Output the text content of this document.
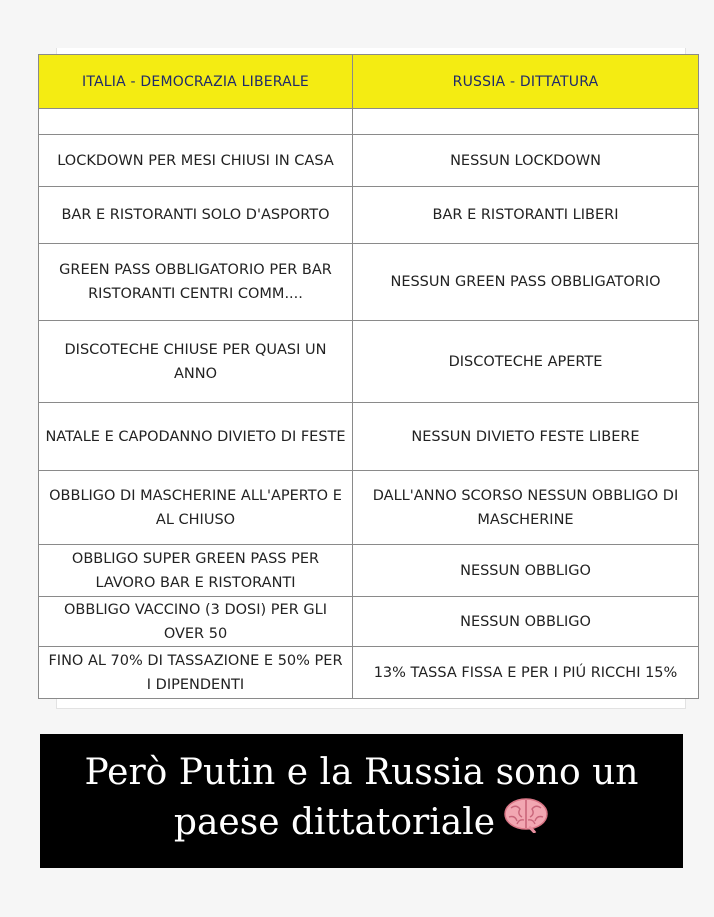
ITALIA - DEMOCRAZIA LIBERALE	RUSSIA - DITTATURA

LOCKDOWN PER MESI CHIUSI IN CASA	NESSUN LOCKDOWN
BAR E RISTORANTI SOLO D'ASPORTO	BAR E RISTORANTI LIBERI
GREEN PASS OBBLIGATORIO PER BAR RISTORANTI CENTRI COMM....	NESSUN GREEN PASS OBBLIGATORIO
DISCOTECHE CHIUSE PER QUASI UN ANNO	DISCOTECHE APERTE
NATALE E CAPODANNO DIVIETO DI FESTE	NESSUN DIVIETO FESTE LIBERE
OBBLIGO DI MASCHERINE ALL'APERTO E AL CHIUSO	DALL'ANNO SCORSO NESSUN OBBLIGO DI MASCHERINE
OBBLIGO SUPER GREEN PASS PER LAVORO BAR E RISTORANTI	NESSUN OBBLIGO
OBBLIGO VACCINO (3 DOSI) PER GLI OVER 50	NESSUN OBBLIGO
FINO AL 70% DI TASSAZIONE E 50% PER I DIPENDENTI	13% TASSA FISSA E PER I PIÚ RICCHI 15%
Però Putin e la Russia sono un paese dittatoriale
